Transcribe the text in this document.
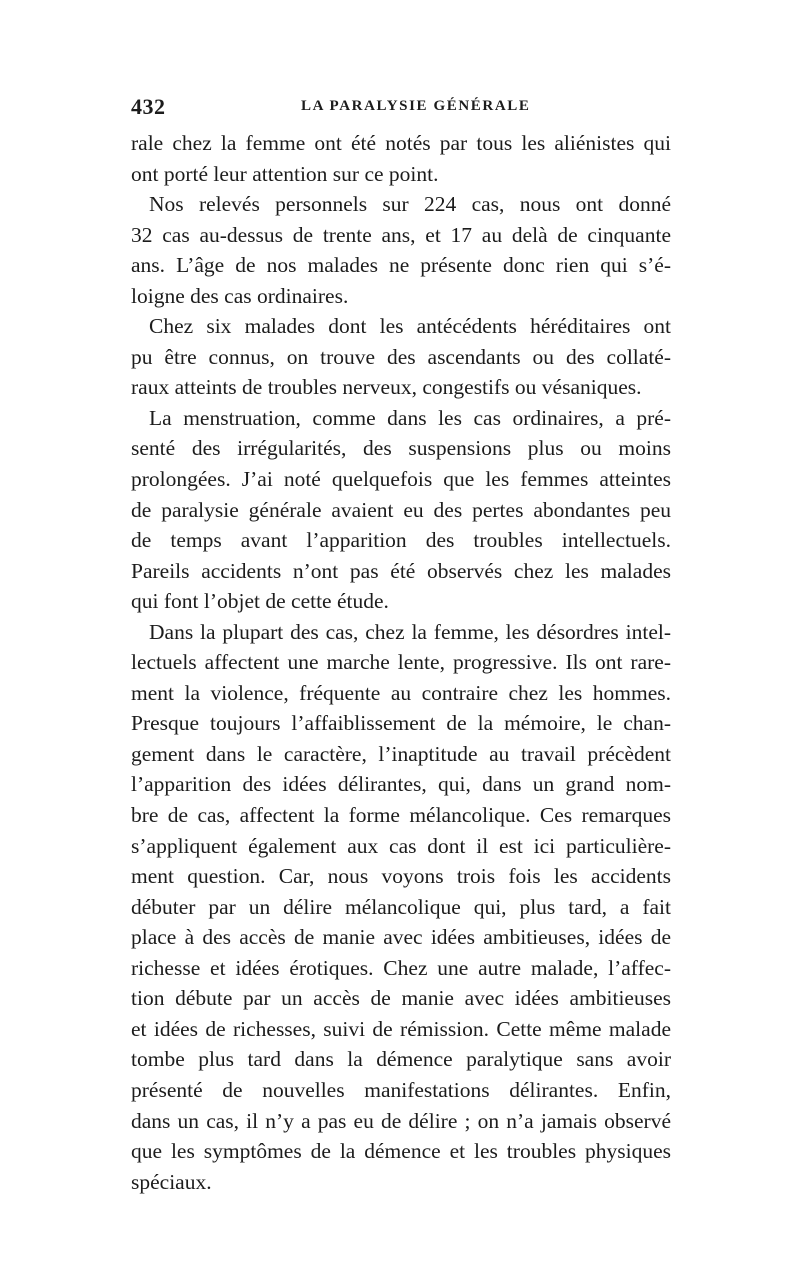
432	LA PARALYSIE GÉNÉRALE
rale chez la femme ont été notés par tous les aliénistes qui
ont porté leur attention sur ce point.
Nos relevés personnels sur 224 cas, nous ont donné
32 cas au-dessus de trente ans, et 17 au delà de cinquante
ans. L’âge de nos malades ne présente donc rien qui s’é-
loigne des cas ordinaires.
Chez six malades dont les antécédents héréditaires ont
pu être connus, on trouve des ascendants ou des collaté-
raux atteints de troubles nerveux, congestifs ou vésaniques.
La menstruation, comme dans les cas ordinaires, a pré-
senté des irrégularités, des suspensions plus ou moins
prolongées. J’ai noté quelquefois que les femmes atteintes
de paralysie générale avaient eu des pertes abondantes peu
de temps avant l’apparition des troubles intellectuels.
Pareils accidents n’ont pas été observés chez les malades
qui font l’objet de cette étude.
Dans la plupart des cas, chez la femme, les désordres intel-
lectuels affectent une marche lente, progressive. Ils ont rare-
ment la violence, fréquente au contraire chez les hommes.
Presque toujours l’affaiblissement de la mémoire, le chan-
gement dans le caractère, l’inaptitude au travail précèdent
l’apparition des idées délirantes, qui, dans un grand nom-
bre de cas, affectent la forme mélancolique. Ces remarques
s’appliquent également aux cas dont il est ici particulière-
ment question. Car, nous voyons trois fois les accidents
débuter par un délire mélancolique qui, plus tard, a fait
place à des accès de manie avec idées ambitieuses, idées de
richesse et idées érotiques. Chez une autre malade, l’affec-
tion débute par un accès de manie avec idées ambitieuses
et idées de richesses, suivi de rémission. Cette même malade
tombe plus tard dans la démence paralytique sans avoir
présenté de nouvelles manifestations délirantes. Enfin,
dans un cas, il n’y a pas eu de délire ; on n’a jamais observé
que les symptômes de la démence et les troubles physiques
spéciaux.
